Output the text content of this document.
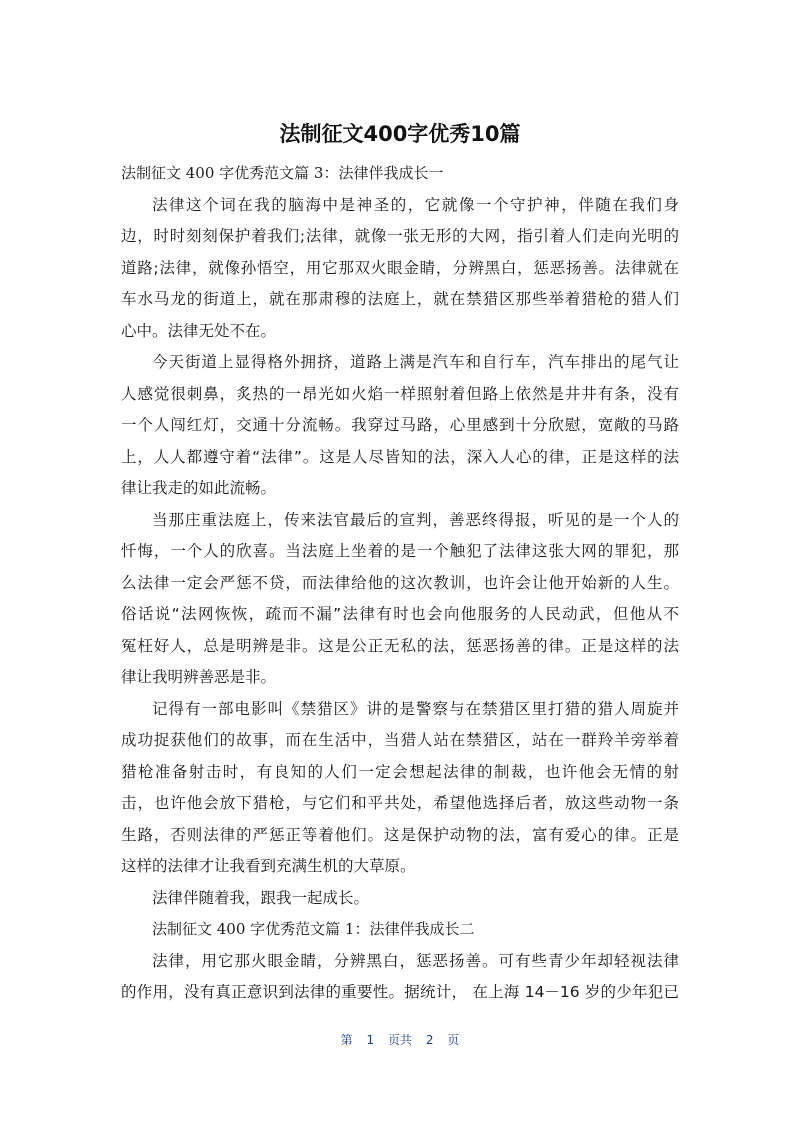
法制征文400字优秀10篇
法制征文 400 字优秀范文篇 3：法律伴我成长一
法律这个词在我的脑海中是神圣的，它就像一个守护神，伴随在我们身
边，时时刻刻保护着我们;法律，就像一张无形的大网，指引着人们走向光明的
道路;法律，就像孙悟空，用它那双火眼金睛，分辨黑白，惩恶扬善。法律就在
车水马龙的街道上，就在那肃穆的法庭上，就在禁猎区那些举着猎枪的猎人们
心中。法律无处不在。
今天街道上显得格外拥挤，道路上满是汽车和自行车，汽车排出的尾气让
人感觉很刺鼻，炙热的一昂光如火焰一样照射着但路上依然是井井有条，没有
一个人闯红灯，交通十分流畅。我穿过马路，心里感到十分欣慰，宽敞的马路
上，人人都遵守着“法律”。这是人尽皆知的法，深入人心的律，正是这样的法
律让我走的如此流畅。
当那庄重法庭上，传来法官最后的宣判，善恶终得报，听见的是一个人的
忏悔，一个人的欣喜。当法庭上坐着的是一个触犯了法律这张大网的罪犯，那
么法律一定会严惩不贷，而法律给他的这次教训，也许会让他开始新的人生。
俗话说“法网恢恢，疏而不漏”法律有时也会向他服务的人民动武，但他从不
冤枉好人，总是明辨是非。这是公正无私的法，惩恶扬善的律。正是这样的法
律让我明辨善恶是非。
记得有一部电影叫《禁猎区》讲的是警察与在禁猎区里打猎的猎人周旋并
成功捉获他们的故事，而在生活中，当猎人站在禁猎区，站在一群羚羊旁举着
猎枪准备射击时，有良知的人们一定会想起法律的制裁，也许他会无情的射
击，也许他会放下猎枪，与它们和平共处，希望他选择后者，放这些动物一条
生路，否则法律的严惩正等着他们。这是保护动物的法，富有爱心的律。正是
这样的法律才让我看到充满生机的大草原。
法律伴随着我，跟我一起成长。
法制征文 400 字优秀范文篇 1：法律伴我成长二
法律，用它那火眼金睛，分辨黑白，惩恶扬善。可有些青少年却轻视法律
的作用，没有真正意识到法律的重要性。据统计， 在上海 14－16 岁的少年犯已
第 1 页共 2 页
